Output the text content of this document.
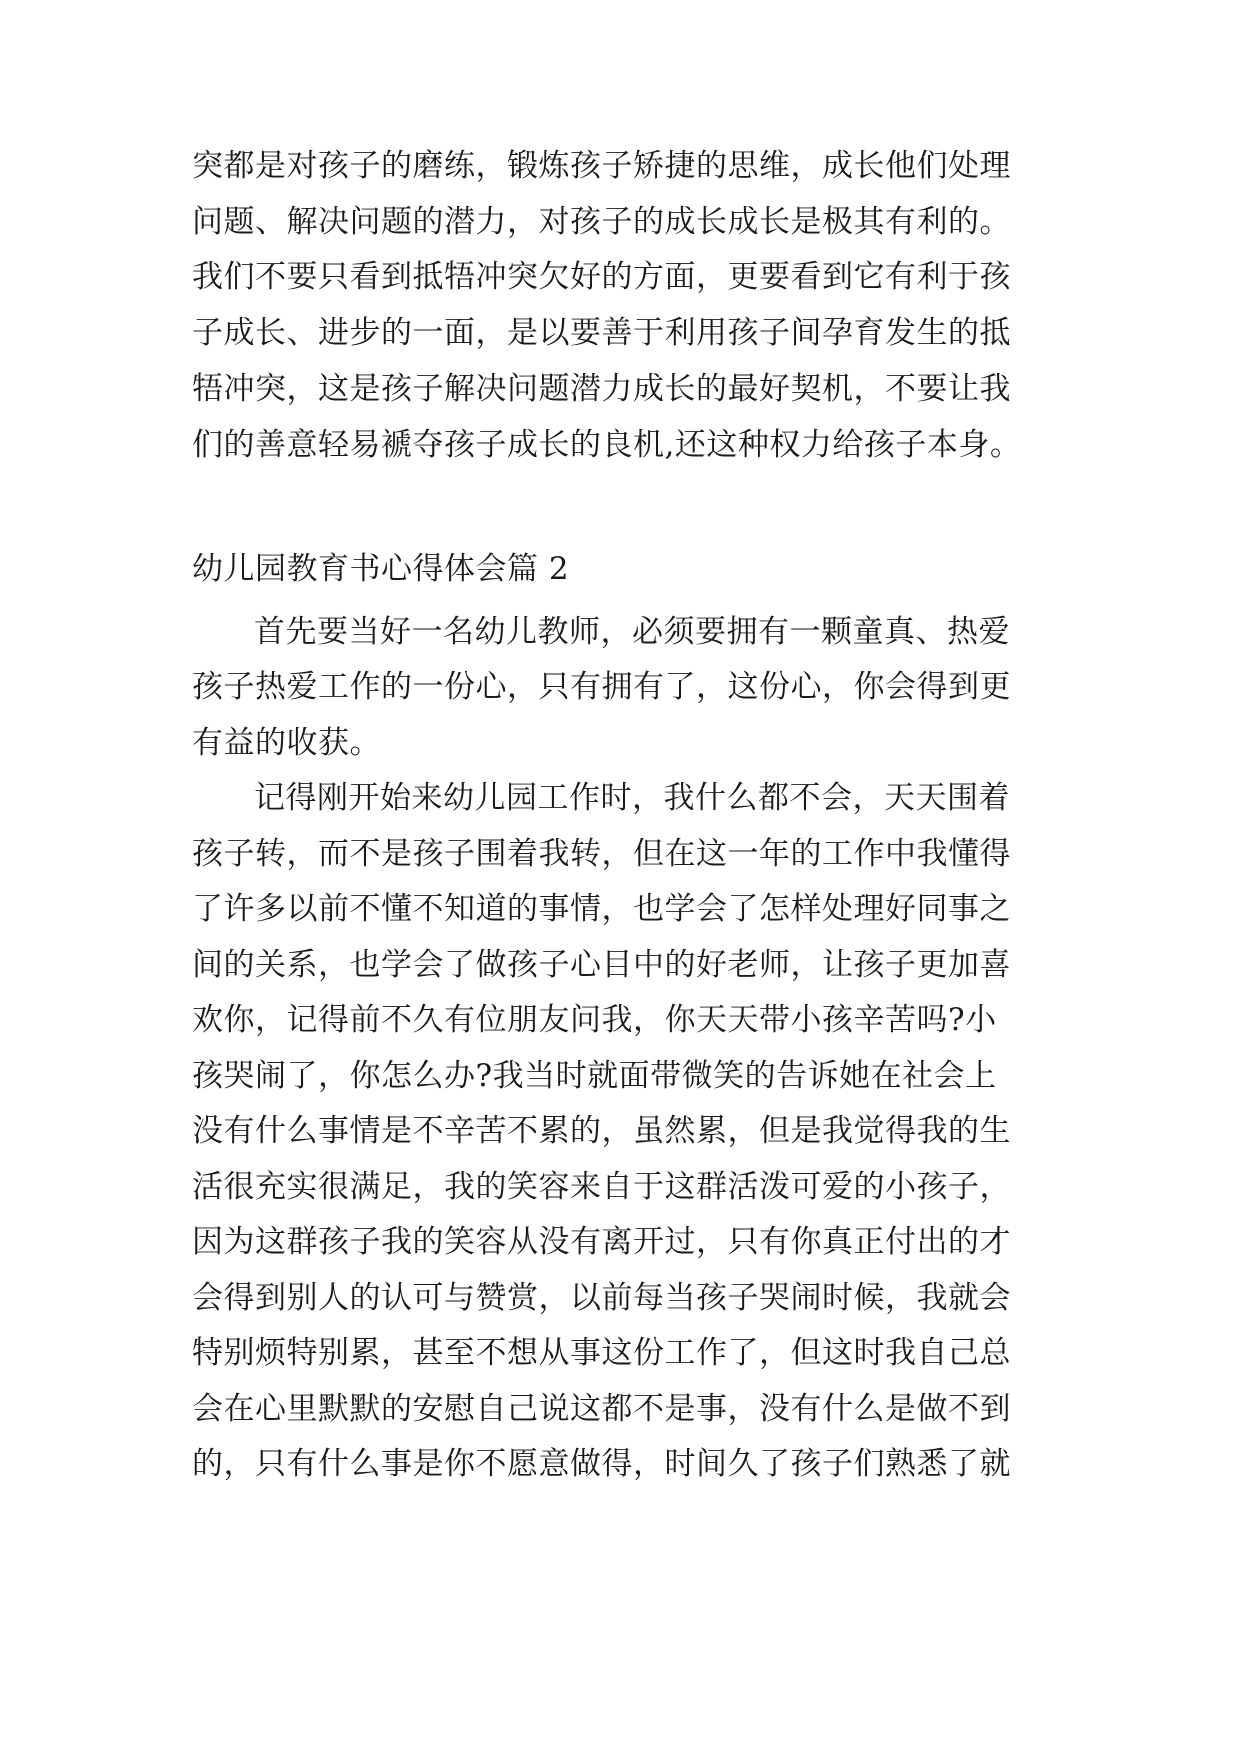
突都是对孩子的磨练，锻炼孩子矫捷的思维，成长他们处理

问题、解决问题的潜力，对孩子的成长成长是极其有利的。

我们不要只看到抵牾冲突欠好的方面，更要看到它有利于孩

子成长、进步的一面，是以要善于利用孩子间孕育发生的抵

牾冲突，这是孩子解决问题潜力成长的最好契机，不要让我

们的善意轻易褫夺孩子成长的良机,还这种权力给孩子本身。

幼儿园教育书心得体会篇 2

首先要当好一名幼儿教师，必须要拥有一颗童真、热爱

孩子热爱工作的一份心，只有拥有了，这份心，你会得到更

有益的收获。

记得刚开始来幼儿园工作时，我什么都不会，天天围着

孩子转，而不是孩子围着我转，但在这一年的工作中我懂得

了许多以前不懂不知道的事情，也学会了怎样处理好同事之

间的关系，也学会了做孩子心目中的好老师，让孩子更加喜

欢你，记得前不久有位朋友问我，你天天带小孩辛苦吗?小

孩哭闹了，你怎么办?我当时就面带微笑的告诉她在社会上

没有什么事情是不辛苦不累的，虽然累，但是我觉得我的生

活很充实很满足，我的笑容来自于这群活泼可爱的小孩子，

因为这群孩子我的笑容从没有离开过，只有你真正付出的才

会得到别人的认可与赞赏，以前每当孩子哭闹时候，我就会

特别烦特别累，甚至不想从事这份工作了，但这时我自己总

会在心里默默的安慰自己说这都不是事，没有什么是做不到

的，只有什么事是你不愿意做得，时间久了孩子们熟悉了就
